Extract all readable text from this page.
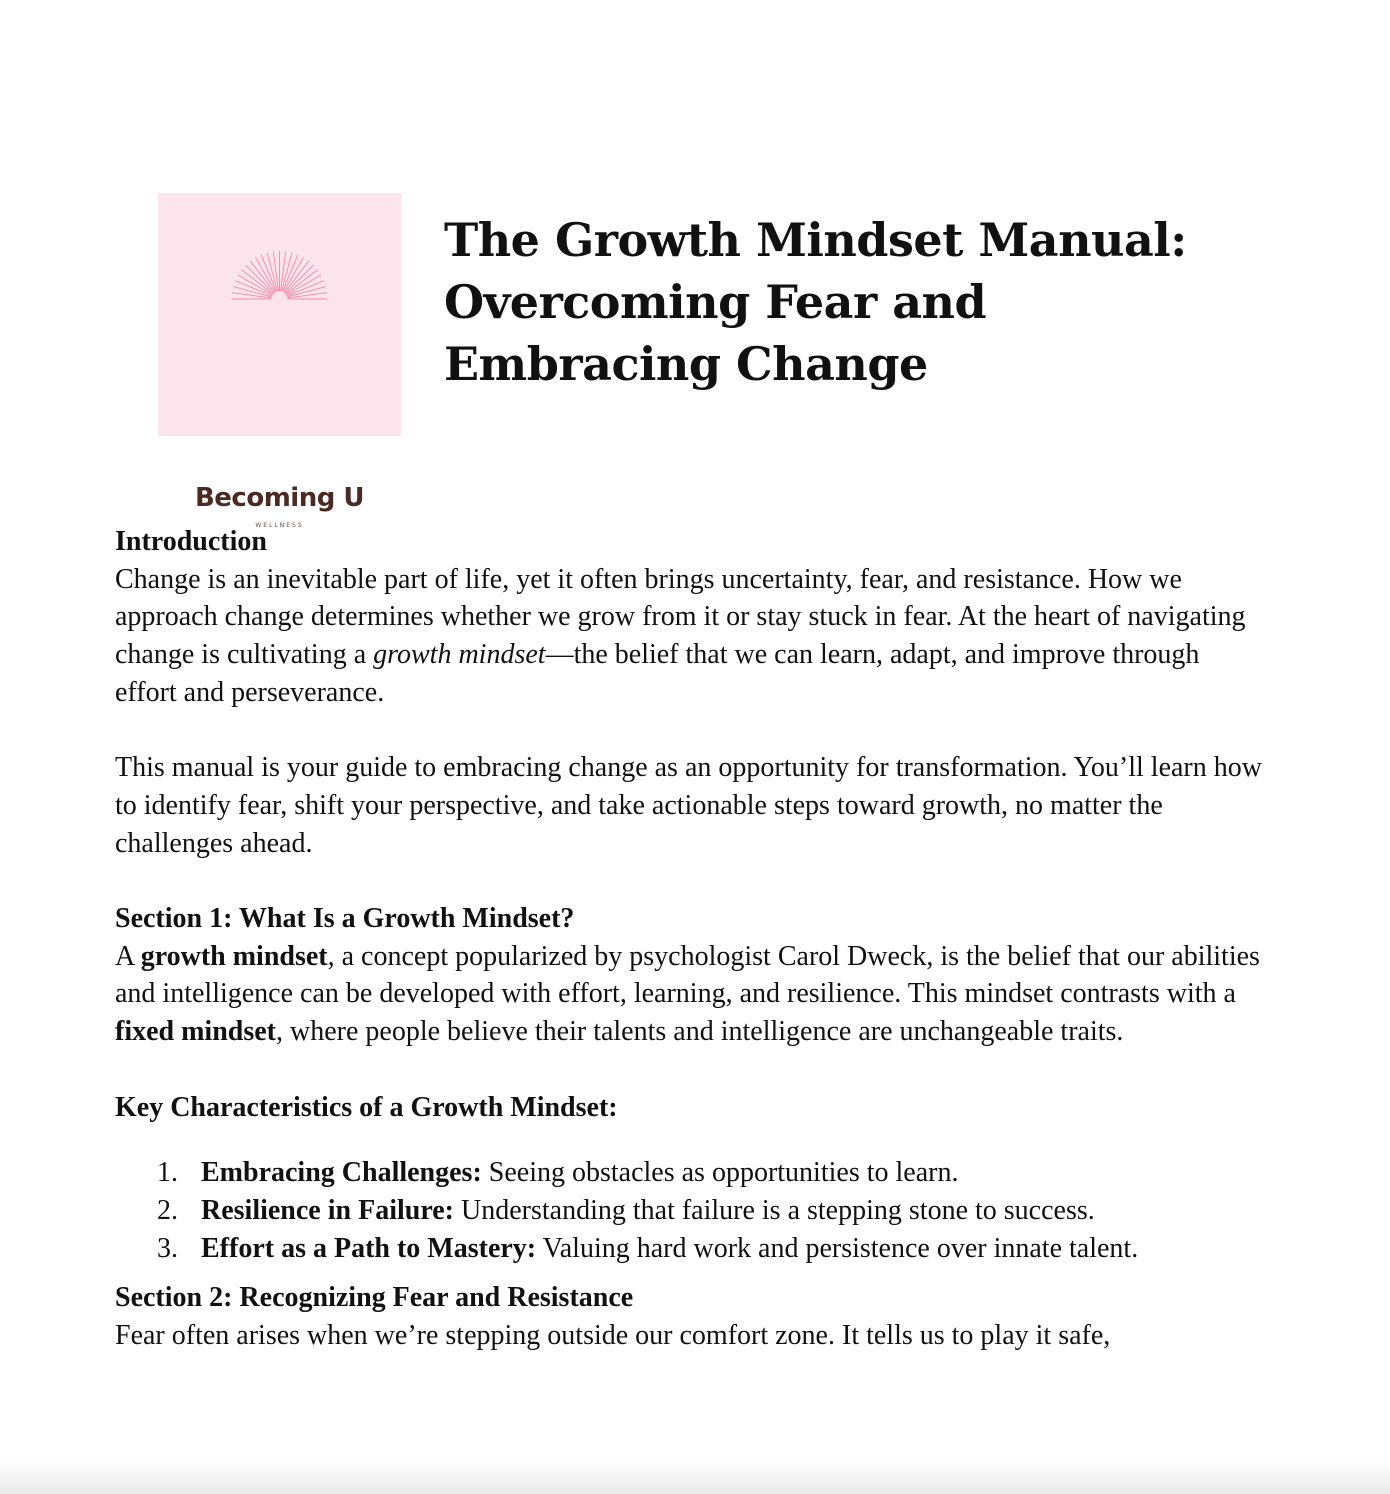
Becoming U
WELLNESS
The Growth Mindset Manual:
Overcoming Fear and
Embracing Change

Introduction

Change is an inevitable part of life, yet it often brings uncertainty, fear, and resistance. How we approach change determines whether we grow from it or stay stuck in fear. At the heart of navigating change is cultivating a growth mindset—the belief that we can learn, adapt, and improve through effort and perseverance.

This manual is your guide to embracing change as an opportunity for transformation. You’ll learn how to identify fear, shift your perspective, and take actionable steps toward growth, no matter the challenges ahead.

Section 1: What Is a Growth Mindset?

A growth mindset, a concept popularized by psychologist Carol Dweck, is the belief that our abilities and intelligence can be developed with effort, learning, and resilience. This mindset contrasts with a fixed mindset, where people believe their talents and intelligence are unchangeable traits.

Key Characteristics of a Growth Mindset:

Embracing Challenges: Seeing obstacles as opportunities to learn.
Resilience in Failure: Understanding that failure is a stepping stone to success.
Effort as a Path to Mastery: Valuing hard work and persistence over innate talent.

Section 2: Recognizing Fear and Resistance

Fear often arises when we’re stepping outside our comfort zone. It tells us to play it safe,
